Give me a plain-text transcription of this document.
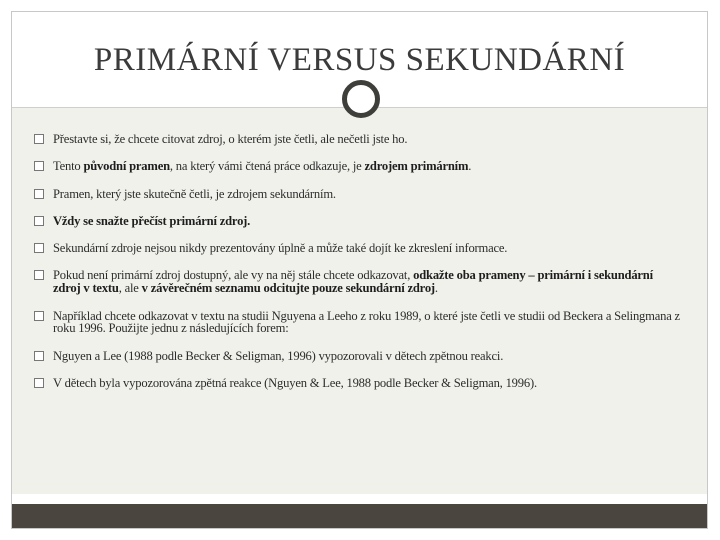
PRIMÁRNÍ VERSUS SEKUNDÁRNÍ
Přestavte si, že chcete citovat zdroj, o kterém jste četli, ale nečetli jste ho.
Tento původní pramen, na který vámi čtená práce odkazuje, je zdrojem primárním.
Pramen, který jste skutečně četli, je zdrojem sekundárním.
Vždy se snažte přečíst primární zdroj.
Sekundární zdroje nejsou nikdy prezentovány úplně a může také dojít ke zkreslení informace.
Pokud není primární zdroj dostupný, ale vy na něj stále chcete odkazovat, odkažte oba prameny – primární i sekundární zdroj v textu, ale v závěrečném seznamu odcitujte pouze sekundární zdroj.
Například chcete odkazovat v textu na studii Nguyena a Leeho z roku 1989, o které jste četli ve studii od Beckera a Selingmana z roku 1996. Použijte jednu z následujících forem:
Nguyen a Lee (1988 podle Becker & Seligman, 1996) vypozorovali v dětech zpětnou reakci.
V dětech byla vypozorována zpětná reakce (Nguyen & Lee, 1988 podle Becker & Seligman, 1996).
